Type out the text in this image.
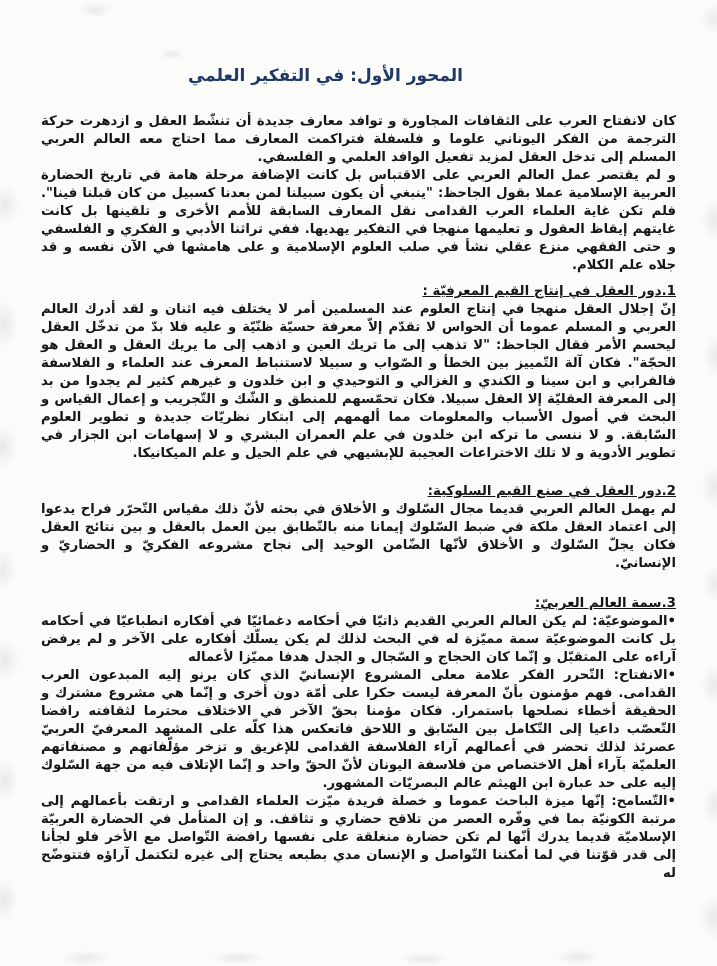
المحور الأول: في التفكير العلمي

كان لانفتاح العرب على الثقافات المجاورة و توافد معارف جديدة أن تنشّط العقل و ازدهرت حركة الترجمة من الفكر اليوناني علوما و فلسفلة فتراكمت المعارف مما احتاج معه العالم العربي المسلم إلى تدخل العقل لمزيد تفعيل الوافد العلمي و الفلسفي.

و لم يقتصر عمل العالم العربي على الاقتباس بل كانت الإضافة مرحلة هامة في تاريخ الحضارة العربية الإسلامية عملا بقول الجاحظ: "ينبغي أن يكون سبيلنا لمن بعدنا كسبيل من كان قبلنا فينا". فلم تكن غاية العلماء العرب القدامى نقل المعارف السابقة للأمم الأخرى و تلقينها بل كانت غايتهم إيقاظ العقول و تعليمها منهجا في التفكير يهديها. ففي تراثنا الأدبي و الفكري و الفلسفي و حتى الفقهي منزع عقلي نشأ في صلب العلوم الإسلامية و على هامشها في الآن نفسه و قد جلاه علم الكلام.

1.دور العقل في إنتاج القيم المعرفيّة :

إنّ إجلال العقل منهجا في إنتاج العلوم عند المسلمين أمر لا يختلف فيه اثنان و لقد أدرك العالم العربي و المسلم عموما أن الحواس لا تقدّم إلاّ معرفة حسيّة ظنّيّة و عليه فلا بدّ من تدخّل العقل ليحسم الأمر فقال الجاحظ: "لا تذهب إلى ما تريك العين و اذهب إلى ما يريك العقل و العقل هو الحجّة". فكان آلة التّمييز بين الخطأ و الصّواب و سبيلا لاستنباط المعرف عند العلماء و الفلاسفة فالفرابي و ابن سينا و الكندي و الغزالي و التوحيدي و ابن خلدون و غيرهم كثير لم يجدوا من بد إلى المعرفة العقليّة إلا العقل سبيلا. فكان تحمّسهم للمنطق و الشّك و التّجريب و إعمال القياس و البحث في أصول الأسباب والمعلومات مما ألهمهم إلى ابتكار نظريّات جديدة و تطوير العلوم السّابقة. و لا ننسى ما تركه ابن خلدون في علم العمران البشري و لا إسهامات ابن الجزار في تطوير الأدوية و لا تلك الاختراعات العجيبة للإبشيهي في علم الحيل و علم الميكانيكا.

2.دور العقل في صنع القيم السلوكية:

لم يهمل العالم العربي قديما مجال السّلوك و الأخلاق في بحثه لأنّ ذلك مقياس التّحرّر فراح يدعوا إلى اعتماد العقل ملكة في ضبط السّلوك إيمانا منه بالتّطابق بين العمل بالعقل و بين نتائج العقل فكان يجلّ السّلوك و الأخلاق لأنّها الضّامن الوحيد إلى نجاح مشروعه الفكريّ و الحضاريّ و الإنسانيّ.

3.سمة العالم العربيّ:

•الموضوعيّة: لم يكن العالم العربي القديم ذاتيّا في أحكامه دغمائيّا في أفكاره انطباعيّا في أحكامه بل كانت الموضوعيّة سمة مميّزة له في البحث لذلك لم يكن يسلّك أفكاره على الآخر و لم يرفض آراءه على المتقبّل و إنّما كان الحجاج و السّجال و الجدل هدفا مميّزا لأعماله

•الانفتاح: التّحرر الفكر علامة معلى المشروع الإنسانيّ الذي كان يرنو إليه المبدعون العرب القدامى. فهم مؤمنون بأنّ المعرفة ليست حكرا على أمّة دون أخرى و إنّما هي مشروع مشترك و الحقيقة أخطاء نصلحها باستمرار. فكان مؤمنا بحقّ الآخر في الاختلاف محترما لثقافته رافضا التّعصّب داعيا إلى التّكامل بين السّابق و اللاحق فاتعكس هذا كلّه على المشهد المعرفيّ العربيّ عصرئذ لذلك تحضر في أعمالهم آراء الفلاسفة القدامى للإغريق و تزخر مؤلّفاتهم و مصنفاتهم العلميّة بآراء أهل الاختصاص من فلاسفة اليونان لأنّ الحقّ واحد و إنّما الإتلاف فيه من جهة السّلوك إليه على حد عبارة ابن الهيثم عالم البصريّات المشهور.

•التّسامح: إنّها ميزة الباحث عموما و خصلة فريدة ميّزت العلماء القدامى و ارتقت بأعمالهم إلى مرتبة الكونيّة بما في وفّره العصر من تلاقح حضاري و تثاقف. و إن المتأمل في الحضارة العربيّة الإسلاميّة قديما يدرك أنّها لم تكن حضارة منغلقة على نفسها رافضة التّواصل مع الأخر فلو لجأنا إلى قدر قوّتنا في لما أمكننا التّواصل و الإنسان مدي بطبعه يحتاج إلى غيره لتكتمل آراؤه فتتوضّح له
